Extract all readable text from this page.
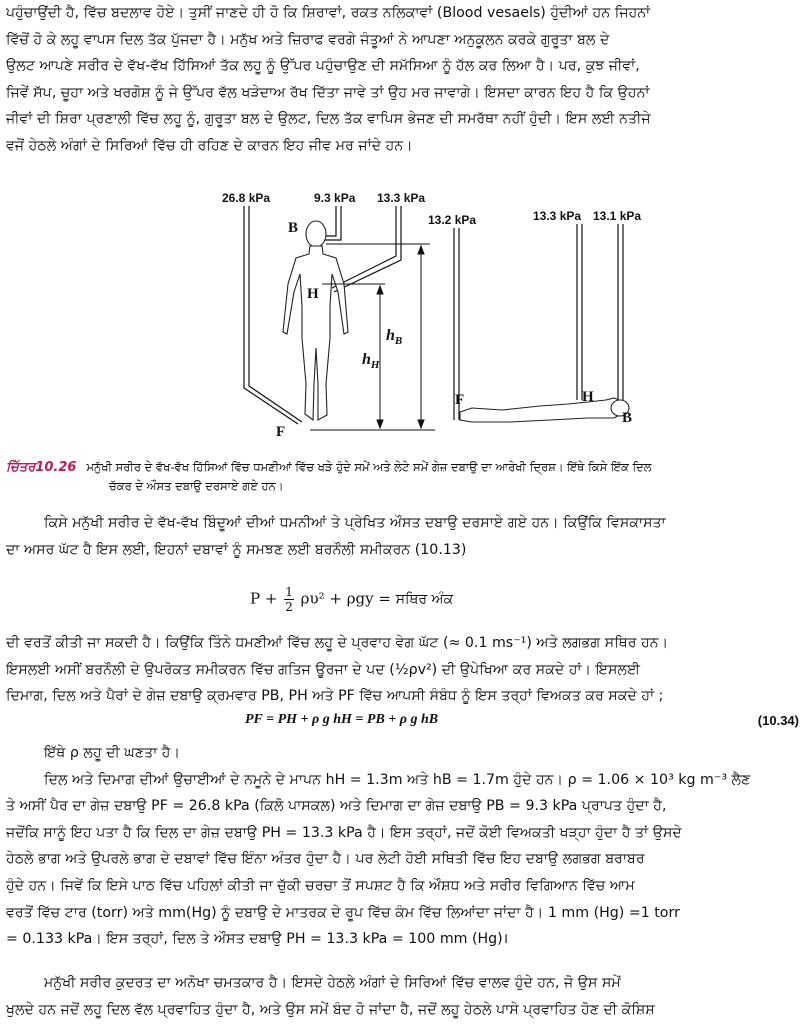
ਪਹੁੰਚਾਉਂਦੀ ਹੈ, ਵਿੱਚ ਬਦਲਾਵ ਹੋਏ। ਤੁਸੀਂ ਜਾਣਦੇ ਹੀ ਹੋ ਕਿ ਸ਼ਿਰਾਵਾਂ, ਰਕਤ ਨਲਿਕਾਵਾਂ (Blood vesaels) ਹੁੰਦੀਆਂ ਹਨ ਜਿਹਨਾਂ
ਵਿੱਚੋਂ ਹੋ ਕੇ ਲਹੂ ਵਾਪਸ ਦਿਲ ਤੱਕ ਪੁੱਜਦਾ ਹੈ। ਮਨੁੱਖ ਅਤੇ ਜ਼ਿਰਾਫ ਵਰਗੇ ਜੰਤੂਆਂ ਨੇ ਆਪਣਾ ਅਨੁਕੂਲਨ ਕਰਕੇ ਗੁਰੂਤਾ ਬਲ ਦੇ
ਉਲਟ ਆਪਣੇ ਸਰੀਰ ਦੇ ਵੱਖ-ਵੱਖ ਹਿੱਸਿਆਂ ਤੱਕ ਲਹੂ ਨੂੰ ਉੱਪਰ ਪਹੁੰਚਾਉਣ ਦੀ ਸਮੱਸਿਆ ਨੂੰ ਹੱਲ ਕਰ ਲਿਆ ਹੈ। ਪਰ, ਕੁਝ ਜੀਵਾਂ,
ਜਿਵੇਂ ਸੱਪ, ਚੂਹਾ ਅਤੇ ਖਰਗੋਸ਼ ਨੂੰ ਜੇ ਉੱਪਰ ਵੱਲ ਖੜੇਦਾਅ ਰੱਖ ਦਿੱਤਾ ਜਾਵੇ ਤਾਂ ਉਹ ਮਰ ਜਾਵਾਗੇ। ਇਸਦਾ ਕਾਰਨ ਇਹ ਹੈ ਕਿ ਉਹਨਾਂ
ਜੀਵਾਂ ਦੀ ਸ਼ਿਰਾ ਪ੍ਰਣਾਲੀ ਵਿੱਚ ਲਹੂ ਨੂੰ, ਗੁਰੂਤਾ ਬਲ ਦੇ ਉਲਟ, ਦਿਲ ਤੱਕ ਵਾਪਿਸ ਭੇਜਣ ਦੀ ਸਮਰੱਥਾ ਨਹੀਂ ਹੁੰਦੀ। ਇਸ ਲਈ ਨਤੀਜੇ
ਵਜੋਂ ਹੇਠਲੇ ਅੰਗਾਂ ਦੇ ਸਿਰਿਆਂ ਵਿੱਚ ਹੀ ਰਹਿਣ ਦੇ ਕਾਰਨ ਇਹ ਜੀਵ ਮਰ ਜਾਂਦੇ ਹਨ।
26.8 kPa	9.3 kPa 13.3 kPa
13.2 kPa	13.3 kPa 13.1 kPa
B
H
F
$h_B$
$h_H$
F	H
B
ਚਿੱਤਰ10.26 ਮਨੁੱਖੀ ਸਰੀਰ ਦੇ ਵੱਖ-ਵੱਖ ਹਿੱਸਿਆਂ ਵਿੱਚ ਧਮਣੀਆਂ ਵਿੱਚ ਖੜੇ ਹੁੰਦੇ ਸਮੇਂ ਅਤੇ ਲੇਟੇ ਸਮੇਂ ਗੇਜ਼ ਦਬਾਉ ਦਾ ਆਰੇਖੀ ਦ੍ਰਿਸ਼। ਇੱਥੇ ਕਿਸੇ ਇੱਕ ਦਿਲ
ਚੱਕਰ ਦੇ ਔਸਤ ਦਬਾਉ ਦਰਸਾਏ ਗਏ ਹਨ।
ਕਿਸੇ ਮਨੁੱਖੀ ਸਰੀਰ ਦੇ ਵੱਖ-ਵੱਖ ਬਿੰਦੂਆਂ ਦੀਆਂ ਧਮਨੀਆਂ ਤੇ ਪ੍ਰੇਖਿਤ ਔਸਤ ਦਬਾਉ ਦਰਸਾਏ ਗਏ ਹਨ। ਕਿਉਂਕਿ ਵਿਸਕਾਸਤਾ
ਦਾ ਅਸਰ ਘੱਟ ਹੈ ਇਸ ਲਈ, ਇਹਨਾਂ ਦਬਾਵਾਂ ਨੂੰ ਸਮਝਣ ਲਈ ਬਰਨੌਲੀ ਸਮੀਕਰਨ (10.13)
$P + \frac{1}{2} \rho\upsilon^2 + \rho gy$ = ਸਥਿਰ ਅੰਕ
ਦੀ ਵਰਤੋਂ ਕੀਤੀ ਜਾ ਸਕਦੀ ਹੈ। ਕਿਉਂਕਿ ਤਿੰਨੇ ਧਮਣੀਆਂ ਵਿੱਚ ਲਹੂ ਦੇ ਪ੍ਰਵਾਹ ਵੇਗ ਘੱਟ (≈ 0.1 ms⁻¹) ਅਤੇ ਲਗਭਗ ਸਥਿਰ ਹਨ।
ਇਸਲਈ ਅਸੀਂ ਬਰਨੌਲੀ ਦੇ ਉਪਰੋਕਤ ਸਮੀਕਰਨ ਵਿੱਚ ਗਤਿਜ ਊਰਜਾ ਦੇ ਪਦ (½ρv²) ਦੀ ਉਪੇਖਿਆ ਕਰ ਸਕਦੇ ਹਾਂ। ਇਸਲਈ
ਦਿਮਾਗ, ਦਿਲ ਅਤੇ ਪੈਰਾਂ ਦੇ ਗੇਜ਼ ਦਬਾਉ ਕ੍ਰਮਵਾਰ PB, PH ਅਤੇ PF ਵਿੱਚ ਆਪਸੀ ਸੰਬੰਧ ਨੂੰ ਇਸ ਤਰ੍ਹਾਂ ਵਿਅਕਤ ਕਰ ਸਕਦੇ ਹਾਂ ;
PF = PH + ρ g hH = PB + ρ g hB	(10.34)
ਇੱਥੇ ρ ਲਹੂ ਦੀ ਘਣਤਾ ਹੈ।
ਦਿਲ ਅਤੇ ਦਿਮਾਗ ਦੀਆਂ ਉਚਾਈਆਂ ਦੇ ਨਮੂਨੇ ਦੇ ਮਾਪਨ hH = 1.3m ਅਤੇ hB = 1.7m ਹੁੰਦੇ ਹਨ। ρ = 1.06 × 10³ kg m⁻³ ਲੈਣ
ਤੇ ਅਸੀਂ ਪੈਰ ਦਾ ਗੇਜ਼ ਦਬਾਉ PF = 26.8 kPa (ਕਿਲੋ ਪਾਸਕਲ) ਅਤੇ ਦਿਮਾਗ ਦਾ ਗੇਜ਼ ਦਬਾਉ PB = 9.3 kPa ਪ੍ਰਾਪਤ ਹੁੰਦਾ ਹੈ,
ਜਦੋਂਕਿ ਸਾਨੂੰ ਇਹ ਪਤਾ ਹੈ ਕਿ ਦਿਲ ਦਾ ਗੇਜ਼ ਦਬਾਉ PH = 13.3 kPa ਹੈ। ਇਸ ਤਰ੍ਹਾਂ, ਜਦੋਂ ਕੋਈ ਵਿਅਕਤੀ ਖੜ੍ਹਾ ਹੁੰਦਾ ਹੈ ਤਾਂ ਉਸਦੇ
ਹੇਠਲੇ ਭਾਗ ਅਤੇ ਉਪਰਲੇ ਭਾਗ ਦੇ ਦਬਾਵਾਂ ਵਿੱਚ ਇੰਨਾ ਅੰਤਰ ਹੁੰਦਾ ਹੈ। ਪਰ ਲੇਟੀ ਹੋਈ ਸਥਿਤੀ ਵਿੱਚ ਇਹ ਦਬਾਉ ਲਗਭਗ ਬਰਾਬਰ
ਹੁੰਦੇ ਹਨ। ਜਿਵੇਂ ਕਿ ਇਸੇ ਪਾਠ ਵਿੱਚ ਪਹਿਲਾਂ ਕੀਤੀ ਜਾ ਚੁੱਕੀ ਚਰਚਾ ਤੋਂ ਸਪਸ਼ਟ ਹੈ ਕਿ ਔਸ਼ਧ ਅਤੇ ਸਰੀਰ ਵਿਗਿਆਨ ਵਿੱਚ ਆਮ
ਵਰਤੋਂ ਵਿੱਚ ਟਾਰ (torr) ਅਤੇ mm(Hg) ਨੂੰ ਦਬਾਉ ਦੇ ਮਾਤਰਕ ਦੇ ਰੂਪ ਵਿੱਚ ਕੰਮ ਵਿੱਚ ਲਿਆਂਦਾ ਜਾਂਦਾ ਹੈ। 1 mm (Hg) =1 torr
= 0.133 kPa। ਇਸ ਤਰ੍ਹਾਂ, ਦਿਲ ਤੇ ਔਸਤ ਦਬਾਉ PH = 13.3 kPa = 100 mm (Hg)।
ਮਨੁੱਖੀ ਸਰੀਰ ਕੁਦਰਤ ਦਾ ਅਨੋਖਾ ਚਮਤਕਾਰ ਹੈ। ਇਸਦੇ ਹੇਠਲੇ ਅੰਗਾਂ ਦੇ ਸਿਰਿਆਂ ਵਿੱਚ ਵਾਲਵ ਹੁੰਦੇ ਹਨ, ਜੋ ਉਸ ਸਮੇਂ
ਖੁਲਦੇ ਹਨ ਜਦੋਂ ਲਹੂ ਦਿਲ ਵੱਲ ਪ੍ਰਵਾਹਿਤ ਹੁੰਦਾ ਹੈ, ਅਤੇ ਉਸ ਸਮੇਂ ਬੰਦ ਹੋ ਜਾਂਦਾ ਹੈ, ਜਦੋਂ ਲਹੂ ਹੇਠਲੇ ਪਾਸੇ ਪ੍ਰਵਾਹਿਤ ਹੋਣ ਦੀ ਕੋਸ਼ਿਸ਼
